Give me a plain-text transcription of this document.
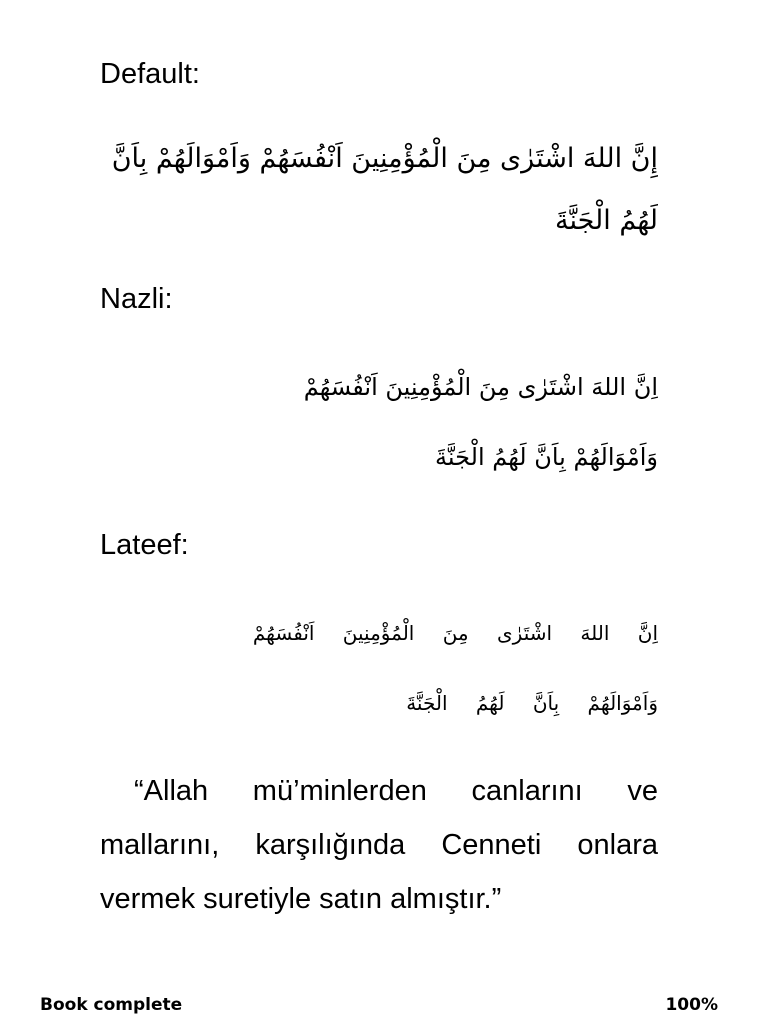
Default:
إِنَّ اللهَ اشْتَرٰى مِنَ الْمُؤْمِنِينَ اَنْفُسَهُمْ وَاَمْوَالَهُمْ بِاَنَّ لَهُمُ الْجَنَّةَ
Nazli:
اِنَّ اللهَ اشْتَرٰى مِنَ الْمُؤْمِنِينَ اَنْفُسَهُمْ
وَاَمْوَالَهُمْ بِاَنَّ لَهُمُ الْجَنَّةَ
Lateef:
اِنَّ اللهَ اشْتَرٰى مِنَ الْمُؤْمِنِينَ اَنْفُسَهُمْ
وَاَمْوَالَهُمْ بِاَنَّ لَهُمُ الْجَنَّةَ
“Allah mü’minlerden canlarını ve mallarını, karşılığında Cenneti onlara vermek suretiyle satın almıştır.”
Book complete	100%
